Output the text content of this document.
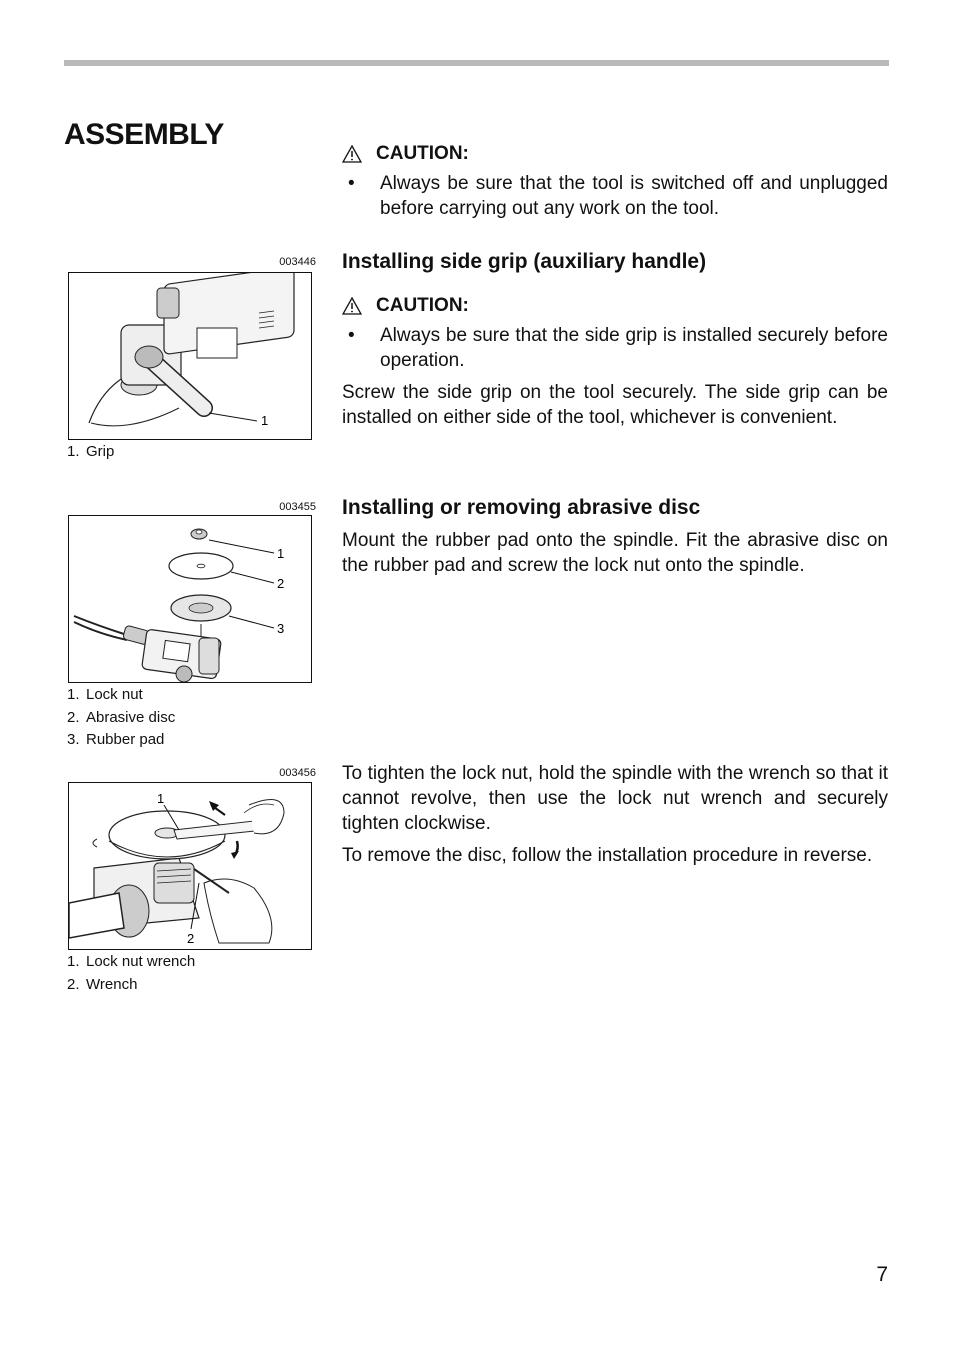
ASSEMBLY

CAUTION:

• Always be sure that the tool is switched off and unplugged before carrying out any work on the tool.

Installing side grip (auxiliary handle)

CAUTION:

• Always be sure that the side grip is installed securely before operation.

Screw the side grip on the tool securely. The side grip can be installed on either side of the tool, whichever is convenient.

Installing or removing abrasive disc

Mount the rubber pad onto the spindle. Fit the abrasive disc on the rubber pad and screw the lock nut onto the spindle.

To tighten the lock nut, hold the spindle with the wrench so that it cannot revolve, then use the lock nut wrench and securely tighten clockwise.

To remove the disc, follow the installation procedure in reverse.

003446
1
1. Grip
003455
1
2
3
1. Lock nut
2. Abrasive disc
3. Rubber pad
003456
1
2
1. Lock nut wrench
2. Wrench
7
